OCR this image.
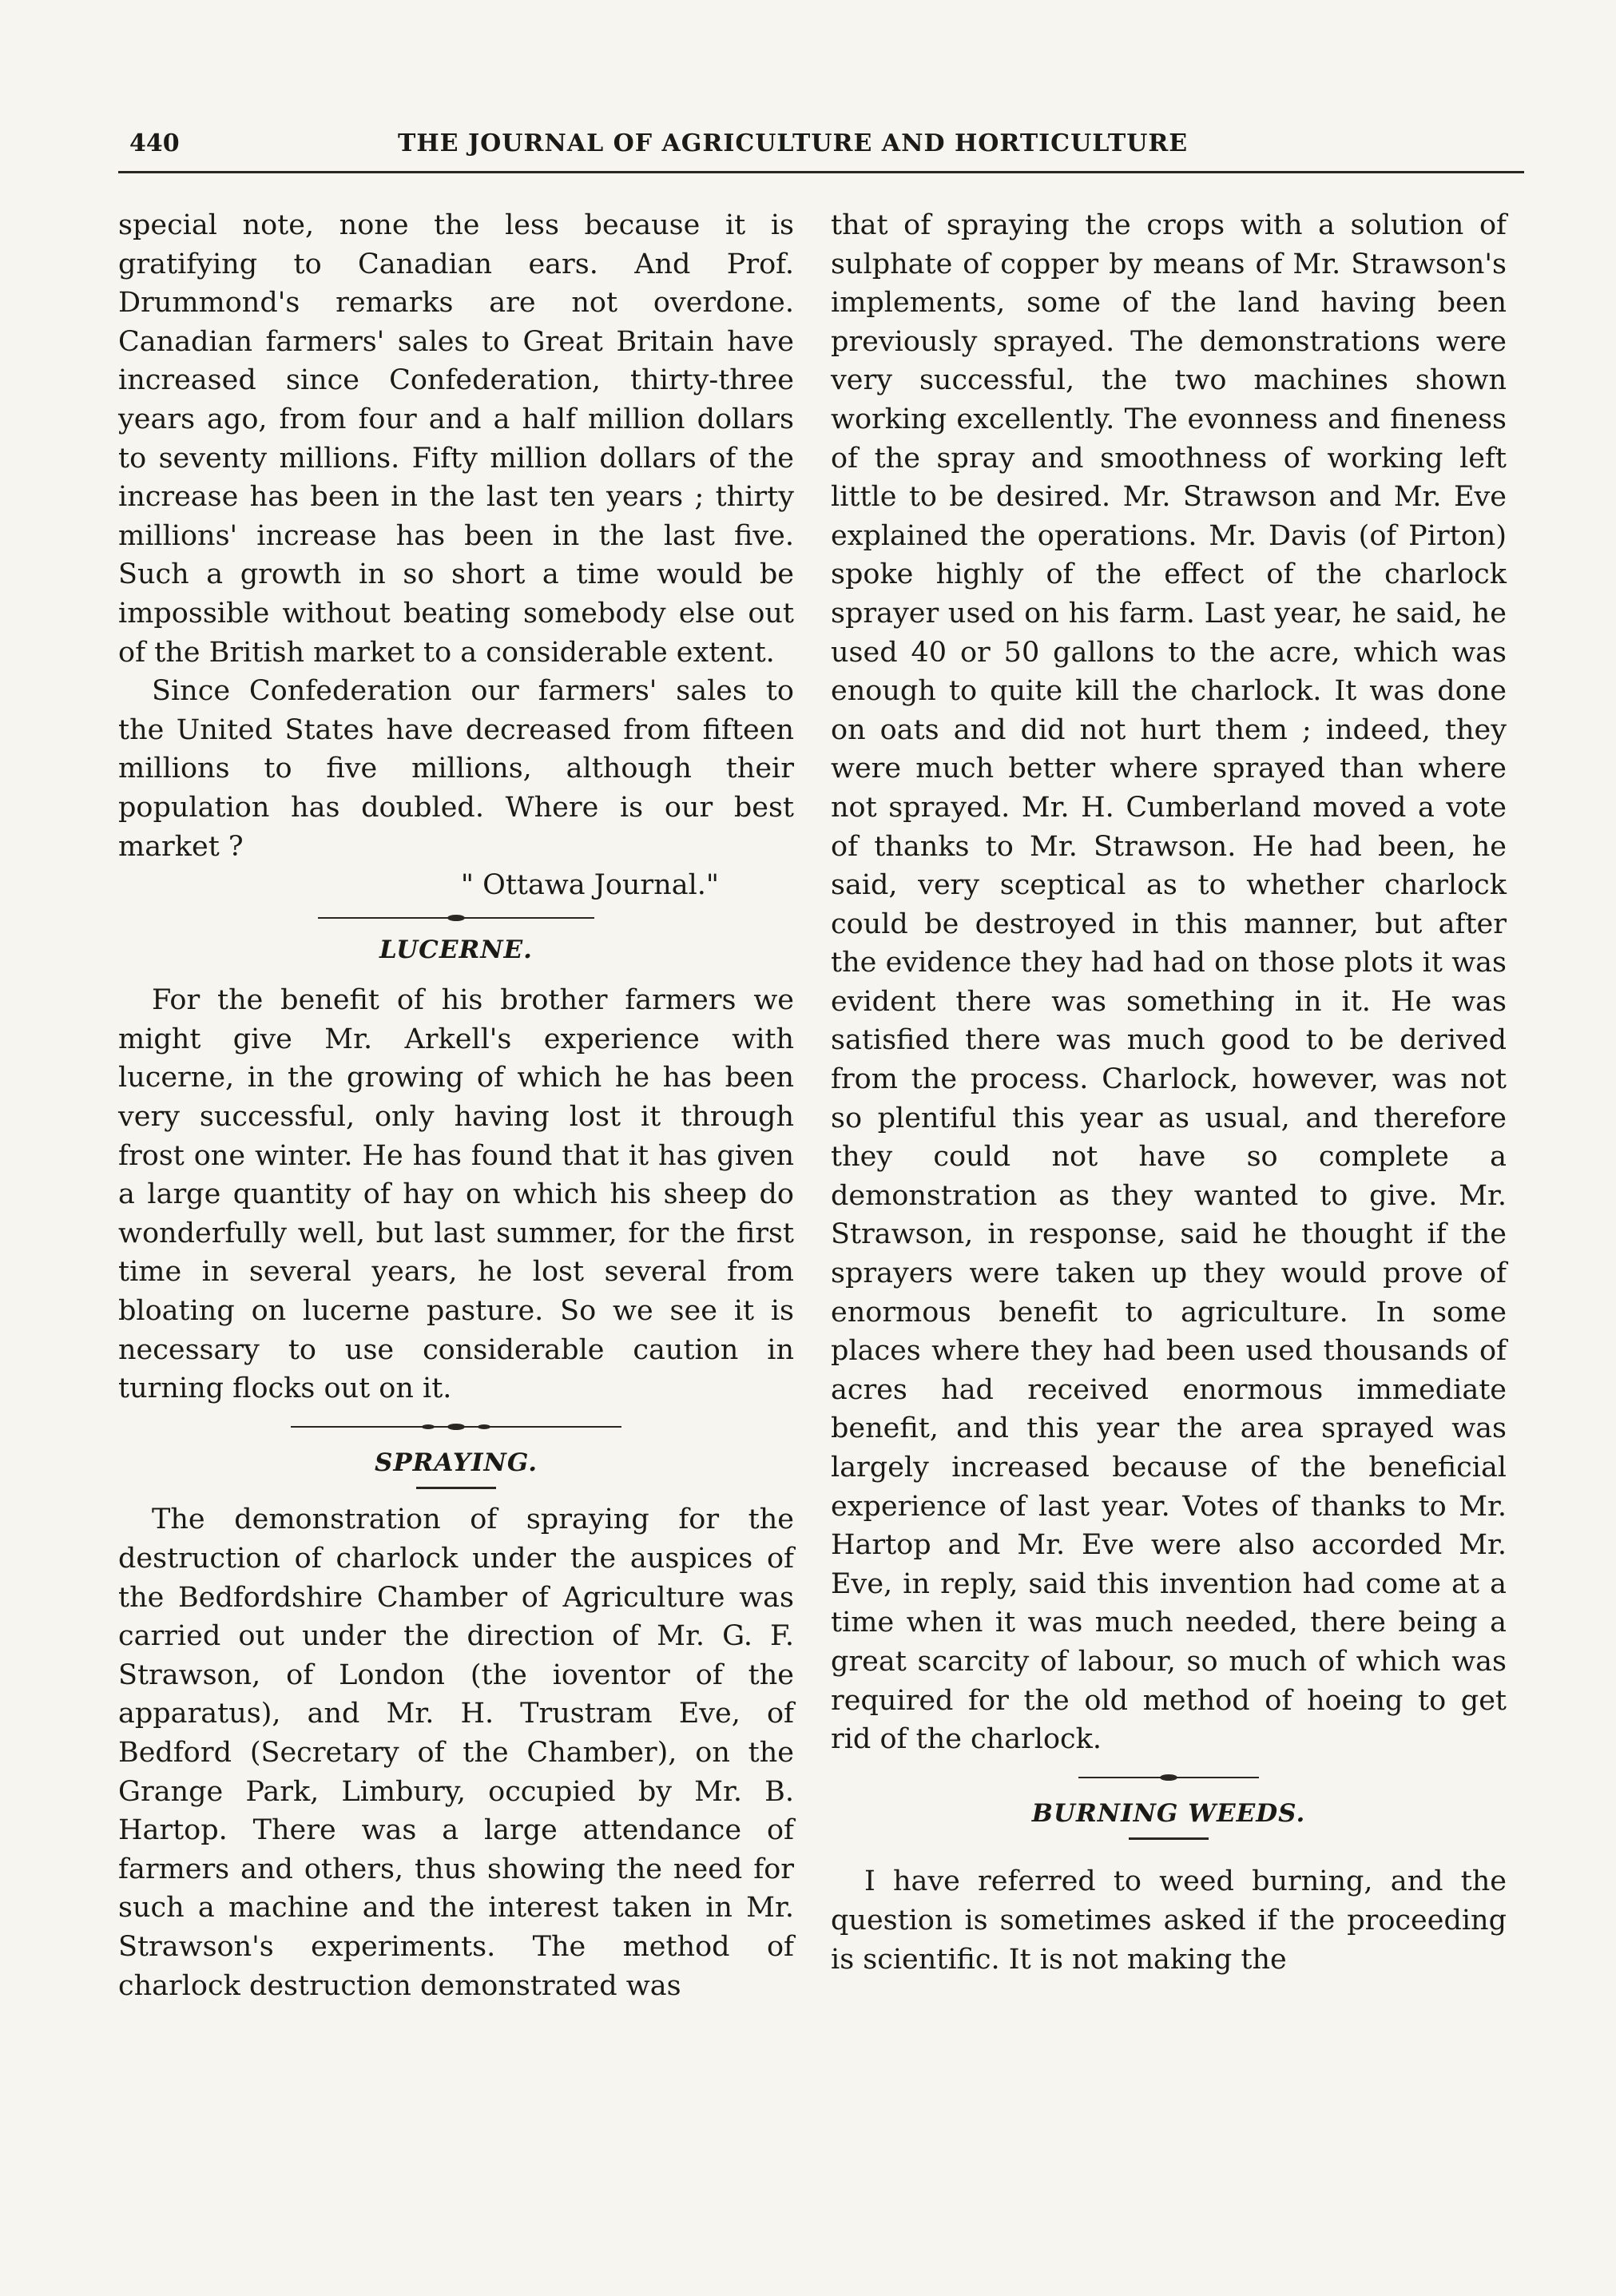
440	THE JOURNAL OF AGRICULTURE AND HORTICULTURE

special note, none the less because it is gratifying to Canadian ears. And Prof. Drummond's remarks are not overdone. Canadian farmers' sales to Great Britain have increased since Confederation, thirty-three years ago, from four and a half million dollars to seventy millions. Fifty million dollars of the increase has been in the last ten years ; thirty millions' increase has been in the last five. Such a growth in so short a time would be impossible without beating somebody else out of the British market to a considerable extent.

Since Confederation our farmers' sales to the United States have decreased from fifteen millions to five millions, although their population has doubled. Where is our best market ?

" Ottawa Journal."
LUCERNE.

For the benefit of his brother farmers we might give Mr. Arkell's experience with lucerne, in the growing of which he has been very successful, only having lost it through frost one winter. He has found that it has given a large quantity of hay on which his sheep do wonderfully well, but last summer, for the first time in several years, he lost several from bloating on lucerne pasture. So we see it is necessary to use considerable caution in turning flocks out on it.

SPRAYING.

The demonstration of spraying for the destruction of charlock under the auspices of the Bedfordshire Chamber of Agriculture was carried out under the direction of Mr. G. F. Strawson, of London (the ioventor of the apparatus), and Mr. H. Trustram Eve, of Bedford (Secretary of the Chamber), on the Grange Park, Limbury, occupied by Mr. B. Hartop. There was a large attendance of farmers and others, thus showing the need for such a machine and the interest taken in Mr. Strawson's experiments. The method of charlock destruction demonstrated was

that of spraying the crops with a solution of sulphate of copper by means of Mr. Strawson's implements, some of the land having been previously sprayed. The demonstrations were very successful, the two machines shown working excellently. The evonness and fineness of the spray and smoothness of working left little to be desired. Mr. Strawson and Mr. Eve explained the operations. Mr. Davis (of Pirton) spoke highly of the effect of the charlock sprayer used on his farm. Last year, he said, he used 40 or 50 gallons to the acre, which was enough to quite kill the charlock. It was done on oats and did not hurt them ; indeed, they were much better where sprayed than where not sprayed. Mr. H. Cumberland moved a vote of thanks to Mr. Strawson. He had been, he said, very sceptical as to whether charlock could be destroyed in this manner, but after the evidence they had had on those plots it was evident there was something in it. He was satisfied there was much good to be derived from the process. Charlock, however, was not so plentiful this year as usual, and therefore they could not have so complete a demonstration as they wanted to give. Mr. Strawson, in response, said he thought if the sprayers were taken up they would prove of enormous benefit to agriculture. In some places where they had been used thousands of acres had received enormous immediate benefit, and this year the area sprayed was largely increased because of the beneficial experience of last year. Votes of thanks to Mr. Hartop and Mr. Eve were also accorded Mr. Eve, in reply, said this invention had come at a time when it was much needed, there being a great scarcity of labour, so much of which was required for the old method of hoeing to get rid of the charlock.

BURNING WEEDS.

I have referred to weed burning, and the question is sometimes asked if the proceeding is scientific. It is not making the
